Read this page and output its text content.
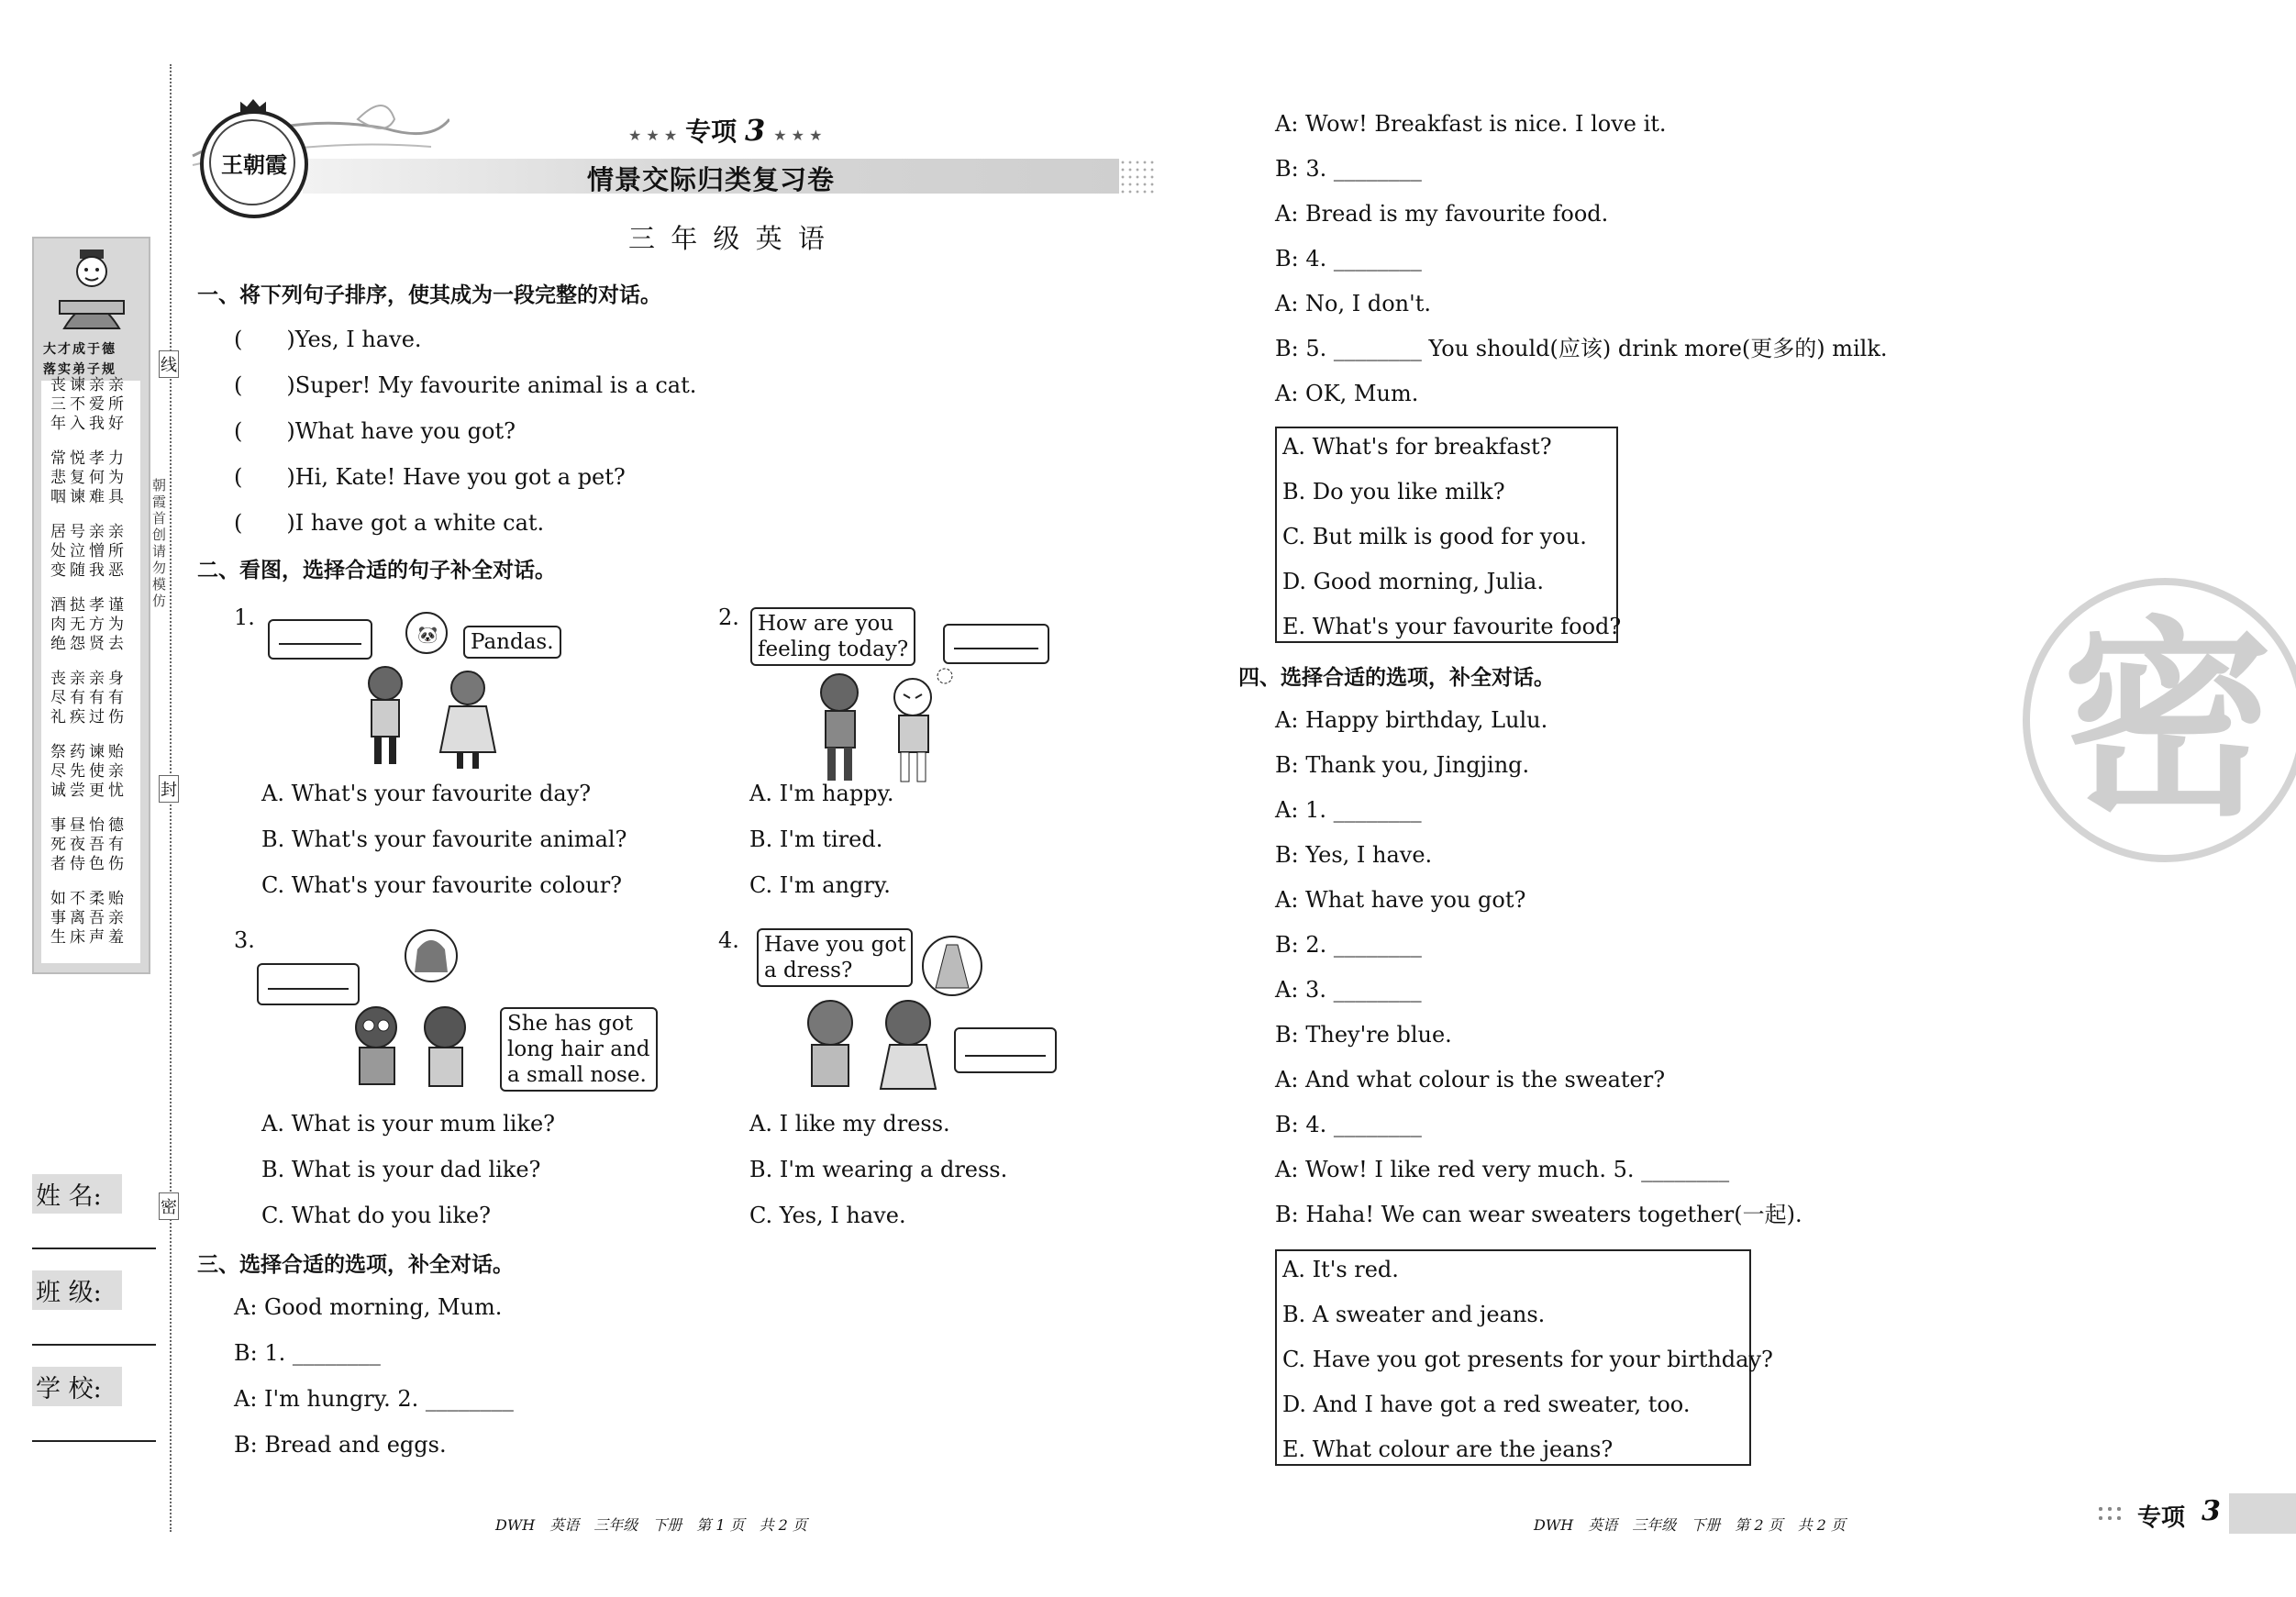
大才成于德
落实弟子规
丧谏亲亲
三不爱所
年入我好
常悦孝力
悲复何为
咽谏难具
居号亲亲
处泣憎所
变随我恶
酒挞孝谨
肉无方为
绝怨贤去
丧亲亲身
尽有有有
礼疾过伤
祭药谏贻
尽先使亲
诚尝更忧
事昼怡德
死夜吾有
者侍色伤
如不柔贻
事离吾亲
生床声羞
线
朝霞首创 请勿模仿
封
密
姓 名:
班 级:
学 校:
王朝霞
★ ★ ★ 专项 3 ★ ★ ★
情景交际归类复习卷
三 年 级 英 语
一、将下列句子排序，使其成为一段完整的对话。
(　　)Yes, I have.
(　　)Super! My favourite animal is a cat.
(　　)What have you got?
(　　)Hi, Kate! Have you got a pet?
(　　)I have got a white cat.
二、看图，选择合适的句子补全对话。
1.
Pandas.
🐼
A. What's your favourite day?
B. What's your favourite animal?
C. What's your favourite colour?
2. How are you
feeling today?
A. I'm happy.
B. I'm tired.
C. I'm angry.
3.
She has got
long hair and
a small nose.
A. What is your mum like?
B. What is your dad like?
C. What do you like?
4. Have you got
a dress?
A. I like my dress.
B. I'm wearing a dress.
C. Yes, I have.
三、选择合适的选项，补全对话。
A: Good morning, Mum.
B: 1. ________
A: I'm hungry. 2. ________
B: Bread and eggs.
DWH　英语　三年级　下册　第 1 页　共 2 页
A: Wow! Breakfast is nice. I love it.
B: 3. ________
A: Bread is my favourite food.
B: 4. ________
A: No, I don't.
B: 5. ________ You should(应该) drink more(更多的) milk.
A: OK, Mum.
A. What's for breakfast?
B. Do you like milk?
C. But milk is good for you.
D. Good morning, Julia.
E. What's your favourite food?
四、选择合适的选项，补全对话。
A: Happy birthday, Lulu.
B: Thank you, Jingjing.
A: 1. ________
B: Yes, I have.
A: What have you got?
B: 2. ________
A: 3. ________
B: They're blue.
A: And what colour is the sweater?
B: 4. ________
A: Wow! I like red very much. 5. ________
B: Haha! We can wear sweaters together(一起).
A. It's red.
B. A sweater and jeans.
C. Have you got presents for your birthday?
D. And I have got a red sweater, too.
E. What colour are the jeans?
DWH　英语　三年级　下册　第 2 页　共 2 页	专项 3
密
